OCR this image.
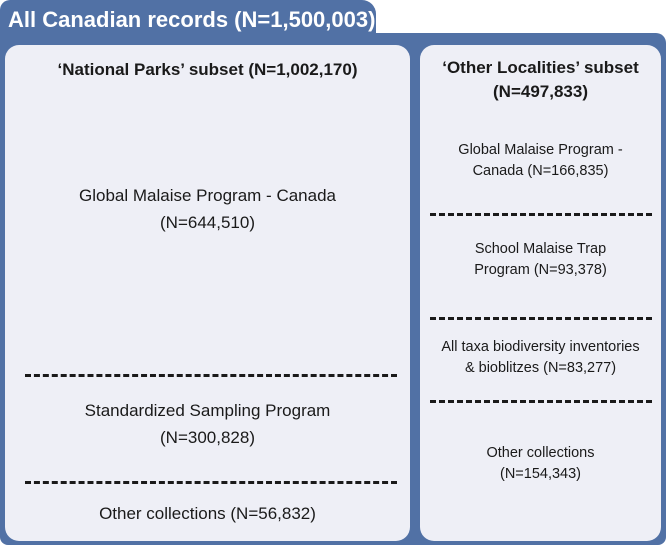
All Canadian records (N=1,500,003)
‘National Parks’ subset (N=1,002,170)
Global Malaise Program - Canada
(N=644,510)
Standardized Sampling Program
(N=300,828)
Other collections (N=56,832)
‘Other Localities’ subset
(N=497,833)
Global Malaise Program -
Canada (N=166,835)
School Malaise Trap
Program (N=93,378)
All taxa biodiversity inventories
& bioblitzes (N=83,277)
Other collections
(N=154,343)
